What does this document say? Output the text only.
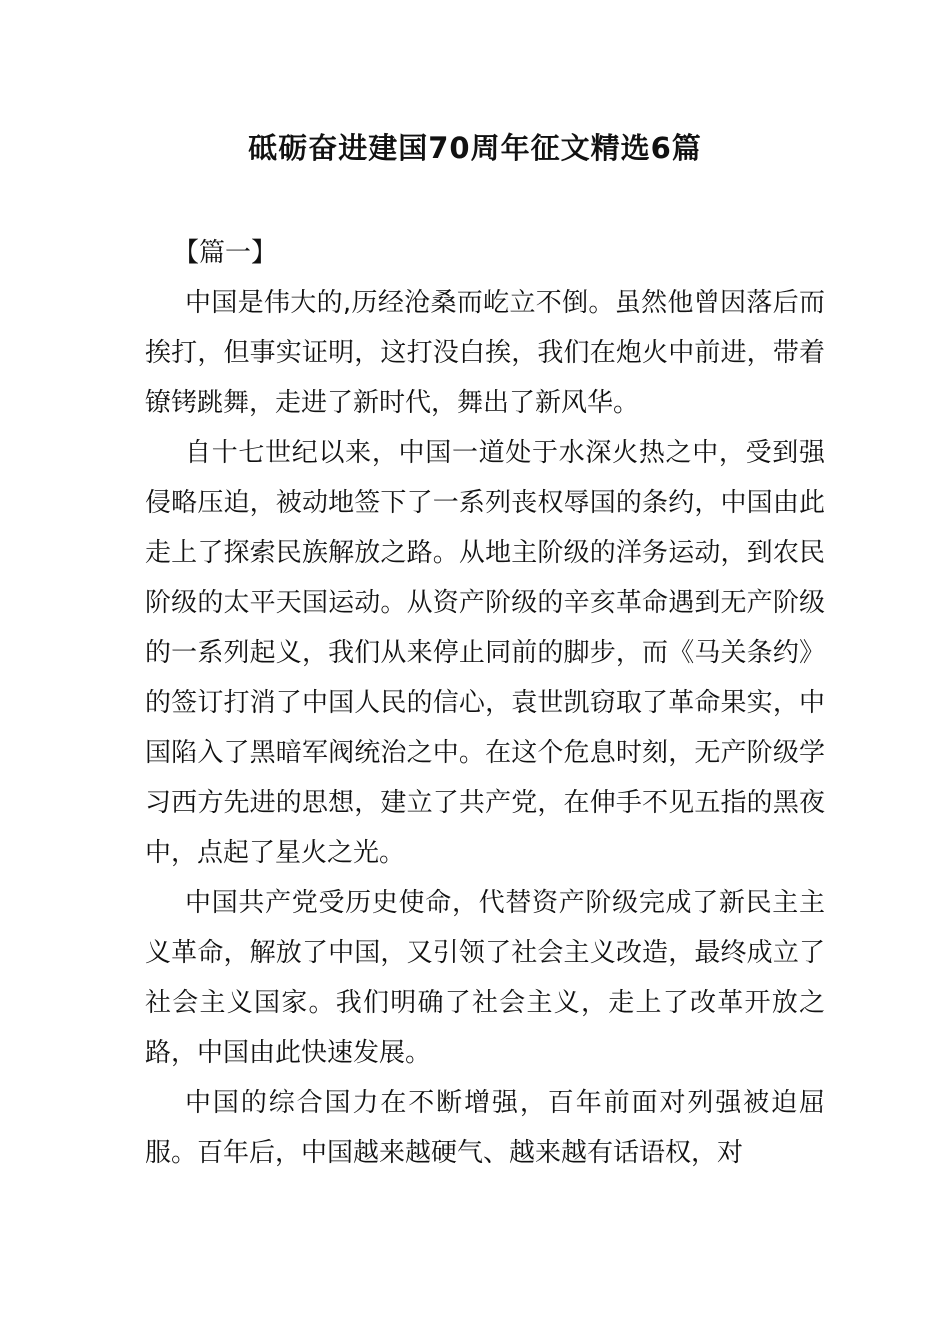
砥砺奋进建国70周年征文精选6篇

【篇一】

中国是伟大的,历经沧桑而屹立不倒。虽然他曾因落后而挨打，但事实证明，这打没白挨，我们在炮火中前进，带着镣铐跳舞，走进了新时代，舞出了新风华。

自十七世纪以来，中国一道处于水深火热之中，受到强侵略压迫，被动地签下了一系列丧权辱国的条约，中国由此走上了探索民族解放之路。从地主阶级的洋务运动，到农民阶级的太平天国运动。从资产阶级的辛亥革命遇到无产阶级的一系列起义，我们从来停止同前的脚步，而《马关条约》的签订打消了中国人民的信心，袁世凯窃取了革命果实，中国陷入了黑暗军阀统治之中。在这个危息时刻，无产阶级学习西方先进的思想，建立了共产党，在伸手不见五指的黑夜中，点起了星火之光。

中国共产党受历史使命，代替资产阶级完成了新民主主义革命，解放了中国，又引领了社会主义改造，最终成立了社会主义国家。我们明确了社会主义，走上了改革开放之路，中国由此快速发展。

中国的综合国力在不断增强，百年前面对列强被迫屈服。百年后，中国越来越硬气、越来越有话语权，对
